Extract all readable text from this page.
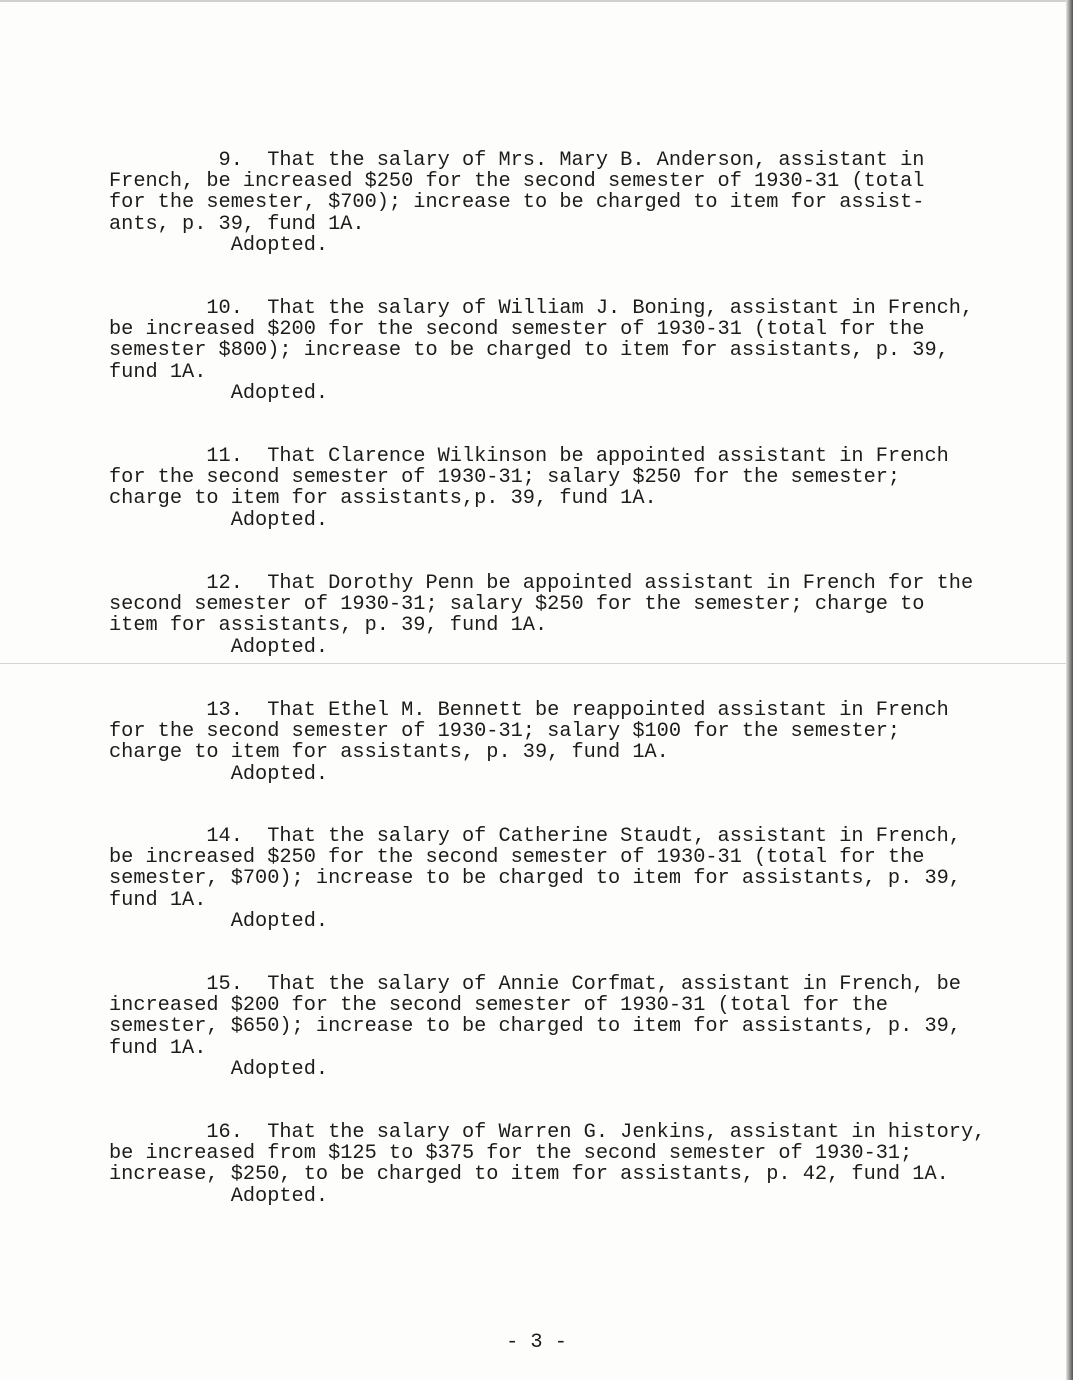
9.  That the salary of Mrs. Mary B. Anderson, assistant in
French, be increased $250 for the second semester of 1930-31 (total
for the semester, $700); increase to be charged to item for assist-
ants, p. 39, fund 1A.
Adopted.

10.  That the salary of William J. Boning, assistant in French,
be increased $200 for the second semester of 1930-31 (total for the
semester $800); increase to be charged to item for assistants, p. 39,
fund 1A.
Adopted.

11.  That Clarence Wilkinson be appointed assistant in French
for the second semester of 1930-31; salary $250 for the semester;
charge to item for assistants,p. 39, fund 1A.
Adopted.

12.  That Dorothy Penn be appointed assistant in French for the
second semester of 1930-31; salary $250 for the semester; charge to
item for assistants, p. 39, fund 1A.
Adopted.

13.  That Ethel M. Bennett be reappointed assistant in French
for the second semester of 1930-31; salary $100 for the semester;
charge to item for assistants, p. 39, fund 1A.
Adopted.

14.  That the salary of Catherine Staudt, assistant in French,
be increased $250 for the second semester of 1930-31 (total for the
semester, $700); increase to be charged to item for assistants, p. 39,
fund 1A.
Adopted.

15.  That the salary of Annie Corfmat, assistant in French, be
increased $200 for the second semester of 1930-31 (total for the
semester, $650); increase to be charged to item for assistants, p. 39,
fund 1A.
Adopted.

16.  That the salary of Warren G. Jenkins, assistant in history,
be increased from $125 to $375 for the second semester of 1930-31;
increase, $250, to be charged to item for assistants, p. 42, fund 1A.
Adopted.

- 3 -
